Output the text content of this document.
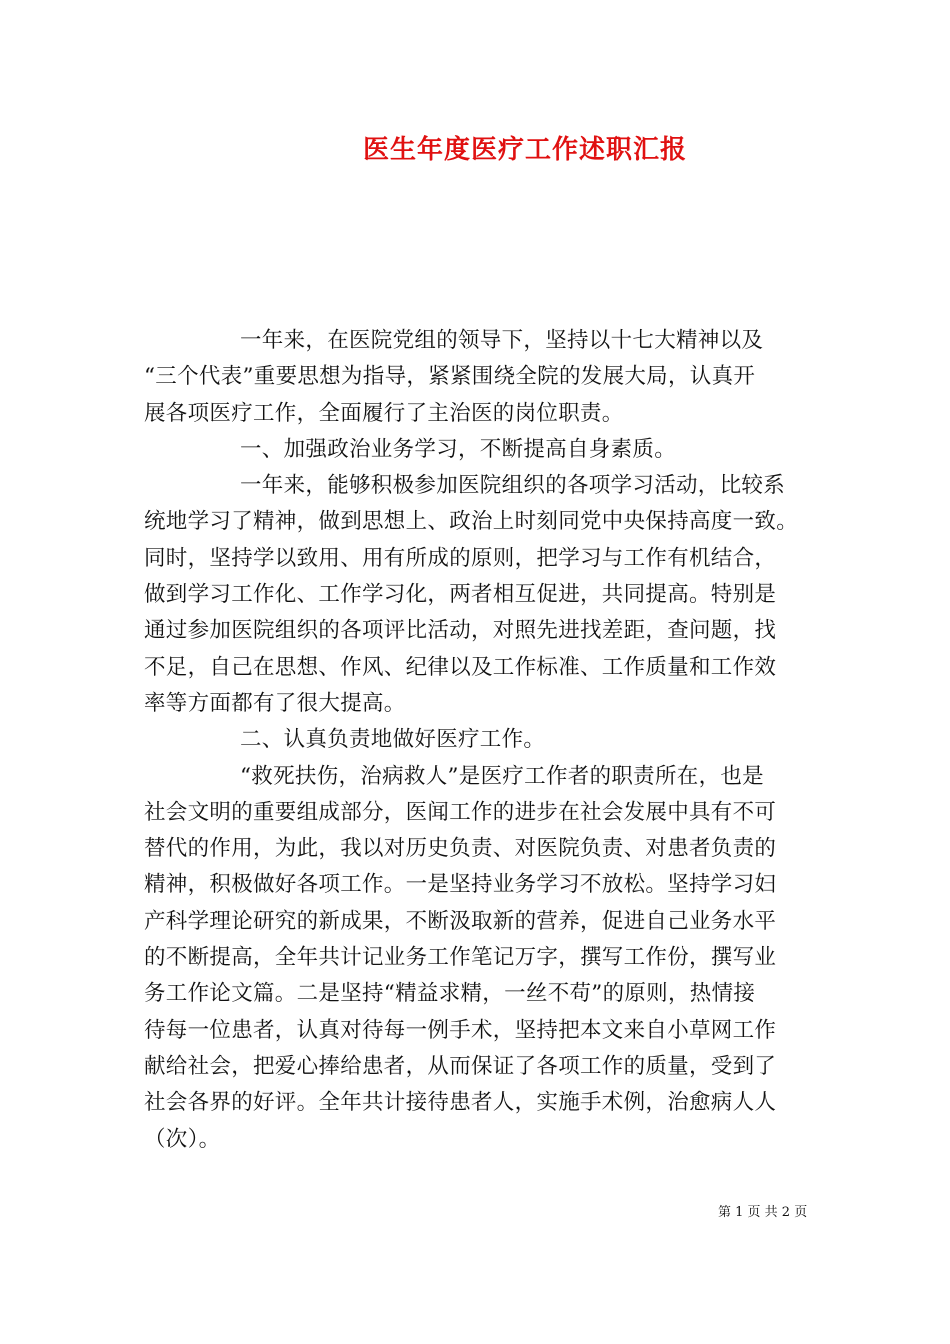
医生年度医疗工作述职汇报
一年来，在医院党组的领导下，坚持以十七大精神以及
“三个代表”重要思想为指导，紧紧围绕全院的发展大局，认真开
展各项医疗工作，全面履行了主治医的岗位职责。
一、加强政治业务学习，不断提高自身素质。
一年来，能够积极参加医院组织的各项学习活动，比较系
统地学习了精神，做到思想上、政治上时刻同党中央保持高度一致。
同时，坚持学以致用、用有所成的原则，把学习与工作有机结合，
做到学习工作化、工作学习化，两者相互促进，共同提高。特别是
通过参加医院组织的各项评比活动，对照先进找差距，查问题，找
不足，自己在思想、作风、纪律以及工作标准、工作质量和工作效
率等方面都有了很大提高。
二、认真负责地做好医疗工作。
“救死扶伤，治病救人”是医疗工作者的职责所在，也是
社会文明的重要组成部分，医闻工作的进步在社会发展中具有不可
替代的作用，为此，我以对历史负责、对医院负责、对患者负责的
精神，积极做好各项工作。一是坚持业务学习不放松。坚持学习妇
产科学理论研究的新成果，不断汲取新的营养，促进自己业务水平
的不断提高，全年共计记业务工作笔记万字，撰写工作份，撰写业
务工作论文篇。二是坚持“精益求精，一丝不苟”的原则，热情接
待每一位患者，认真对待每一例手术，坚持把本文来自小草网工作
献给社会，把爱心捧给患者，从而保证了各项工作的质量，受到了
社会各界的好评。全年共计接待患者人，实施手术例，治愈病人人
（次）。
第 1 页 共 2 页
